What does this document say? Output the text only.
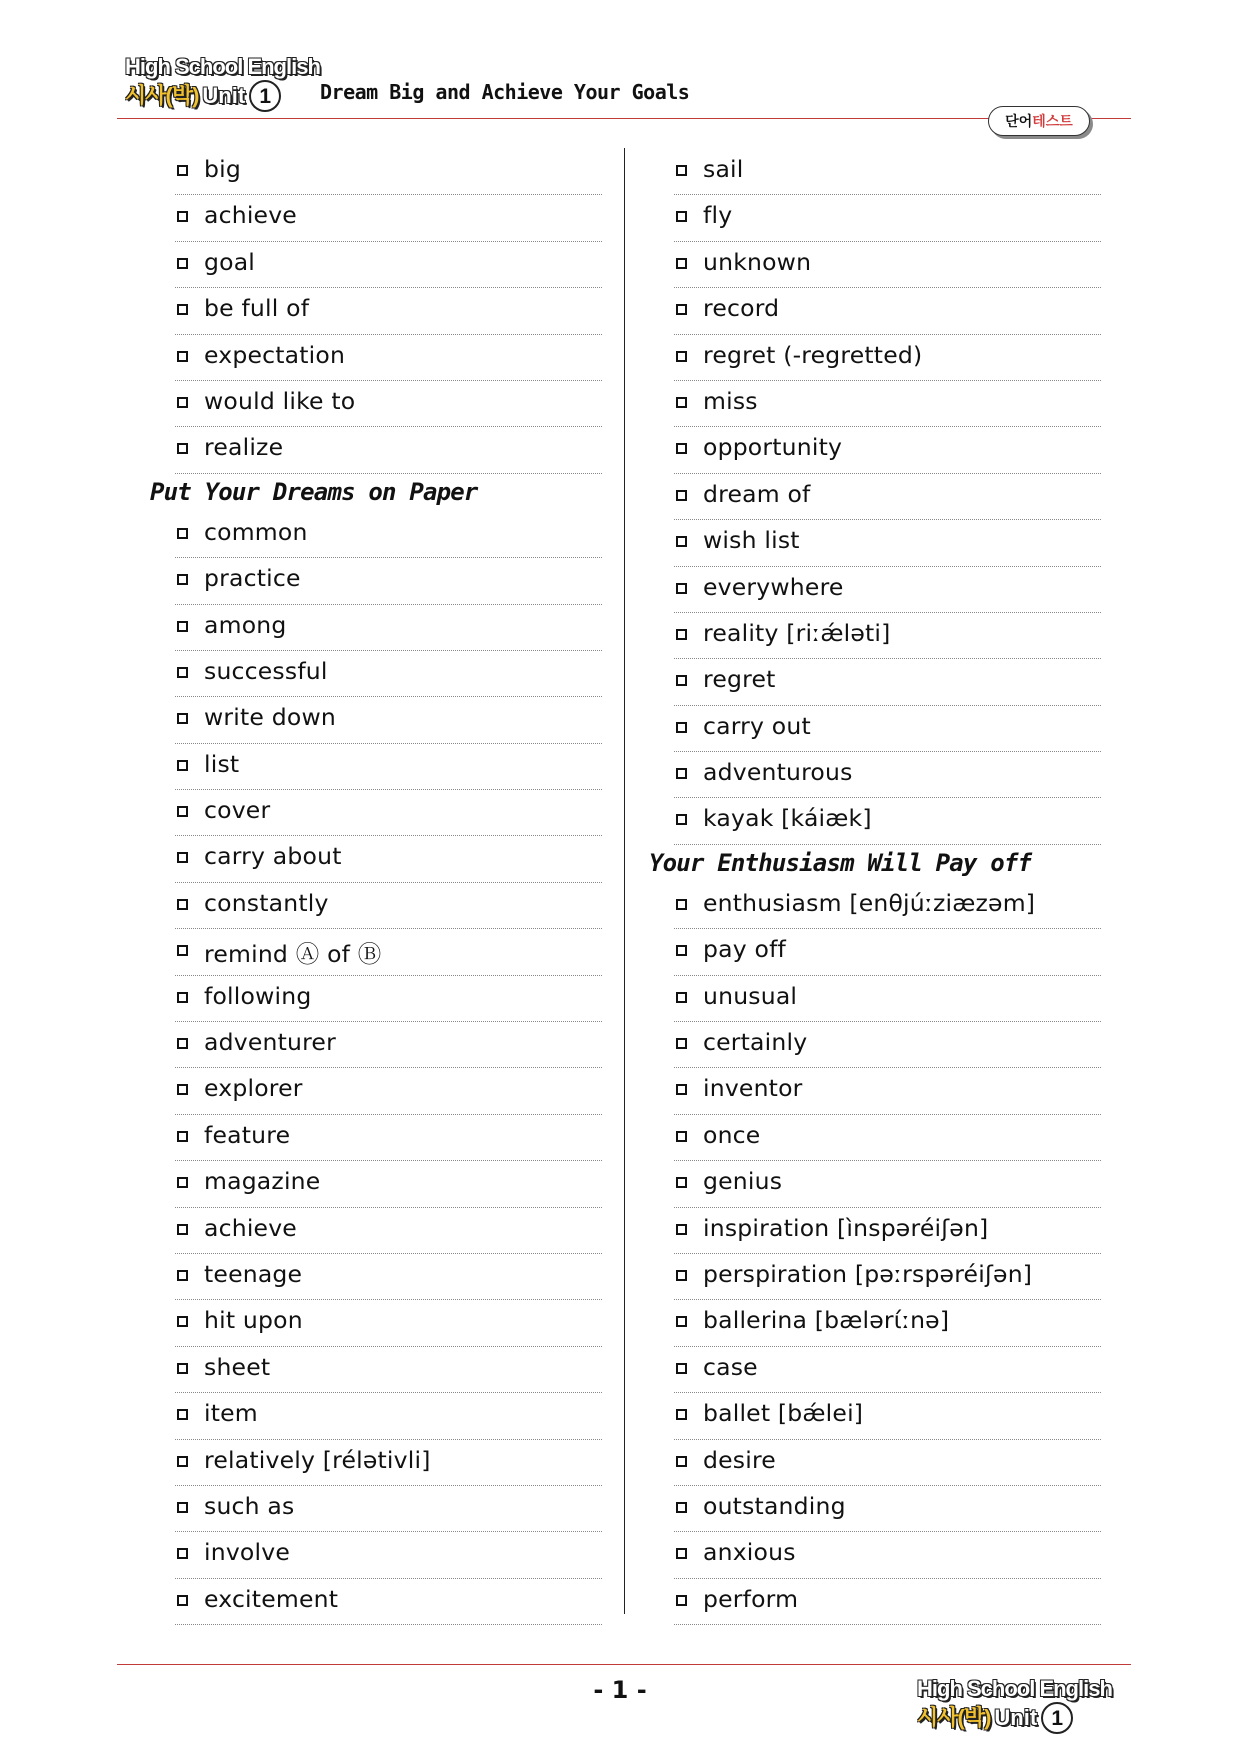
High School English
시사(박) Unit 1	Dream Big and Achieve Your Goals
단어 테스트
big
achieve
goal
be full of
expectation
would like to
realize
Put Your Dreams on Paper
common
practice
among
successful
write down
list
cover
carry about
constantly
remind Ⓐ of Ⓑ
following
adventurer
explorer
feature
magazine
achieve
teenage
hit upon
sheet
item
relatively [rélətivli]
such as
involve
excitement
sail
fly
unknown
record
regret (-regretted)
miss
opportunity
dream of
wish list
everywhere
reality [riːǽləti]
regret
carry out
adventurous
kayak [káiæk]
Your Enthusiasm Will Pay off
enthusiasm [enθjúːziæzəm]
pay off
unusual
certainly
inventor
once
genius
inspiration [ìnspəréiʃən]
perspiration [pəːrspəréiʃən]
ballerina [bælərίːnə]
case
ballet [bǽlei]
desire
outstanding
anxious
perform
- 1 -	High School English
시사(박) Unit 1
